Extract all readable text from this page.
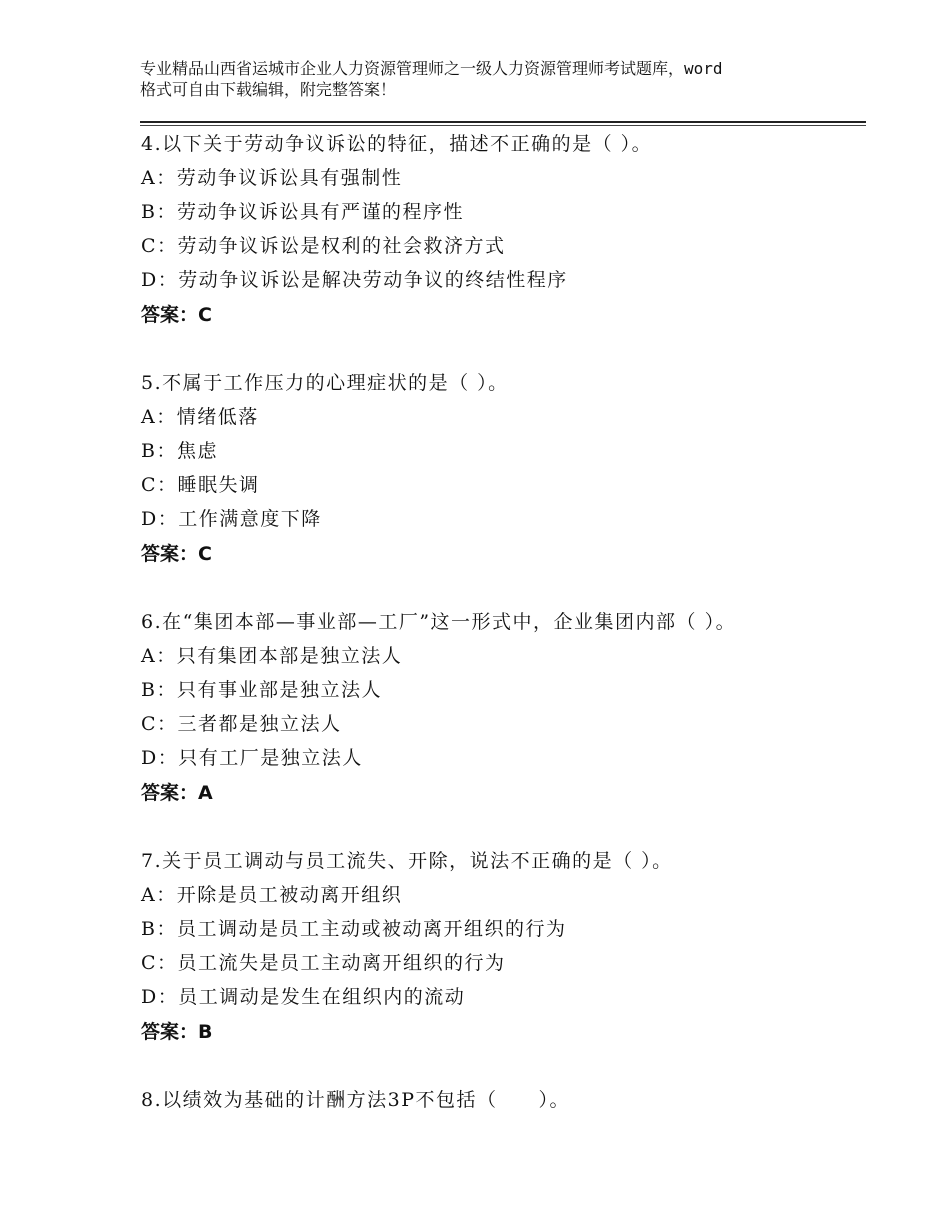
专业精品山西省运城市企业人力资源管理师之一级人力资源管理师考试题库，word
格式可自由下载编辑，附完整答案！
4.以下关于劳动争议诉讼的特征，描述不正确的是（ ）。
A：劳动争议诉讼具有强制性
B：劳动争议诉讼具有严谨的程序性
C：劳动争议诉讼是权利的社会救济方式
D：劳动争议诉讼是解决劳动争议的终结性程序
答案：C
5.不属于工作压力的心理症状的是（ ）。
A：情绪低落
B：焦虑
C：睡眠失调
D：工作满意度下降
答案：C
6.在“集团本部—事业部—工厂”这一形式中，企业集团内部（ ）。
A：只有集团本部是独立法人
B：只有事业部是独立法人
C：三者都是独立法人
D：只有工厂是独立法人
答案：A
7.关于员工调动与员工流失、开除，说法不正确的是（ ）。
A：开除是员工被动离开组织
B：员工调动是员工主动或被动离开组织的行为
C：员工流失是员工主动离开组织的行为
D：员工调动是发生在组织内的流动
答案：B
8.以绩效为基础的计酬方法3P不包括（　　）。
